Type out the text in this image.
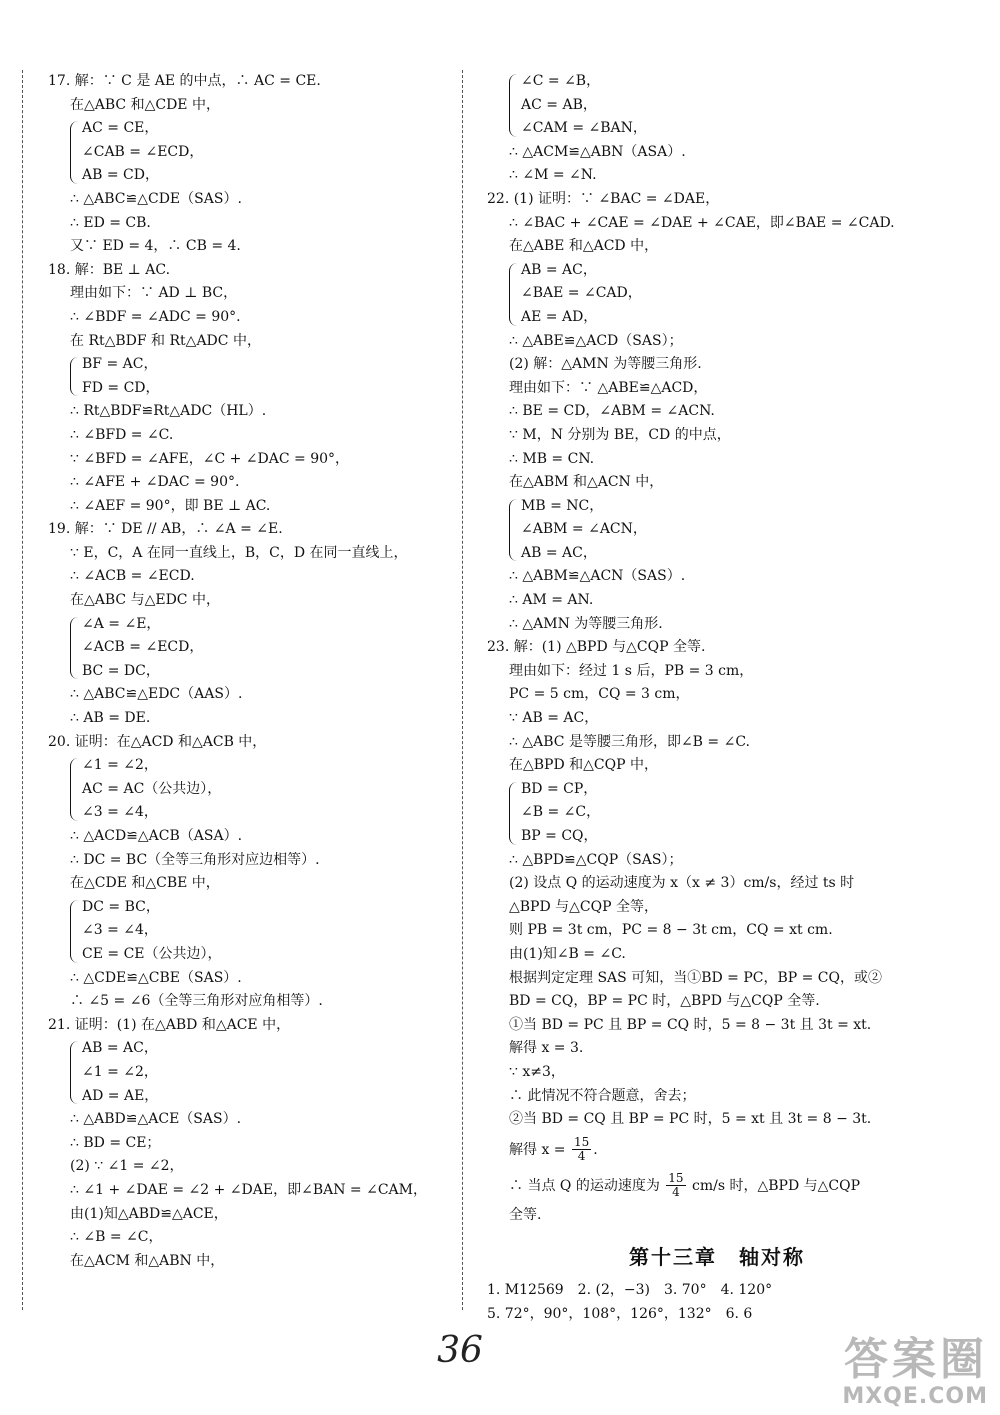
17. 解：∵ C 是 AE 的中点，∴ AC = CE.
在△ABC 和△CDE 中，
AC = CE，
∠CAB = ∠ECD，
AB = CD，
∴ △ABC≌△CDE（SAS）.
∴ ED = CB.
又∵ ED = 4，∴ CB = 4.
18. 解：BE ⊥ AC.
理由如下：∵ AD ⊥ BC，
∴ ∠BDF = ∠ADC = 90°.
在 Rt△BDF 和 Rt△ADC 中，
BF = AC，
FD = CD，
∴ Rt△BDF≌Rt△ADC（HL）.
∴ ∠BFD = ∠C.
∵ ∠BFD = ∠AFE，∠C + ∠DAC = 90°，
∴ ∠AFE + ∠DAC = 90°.
∴ ∠AEF = 90°，即 BE ⊥ AC.
19. 解：∵ DE // AB，∴ ∠A = ∠E.
∵ E，C，A 在同一直线上，B，C，D 在同一直线上，
∴ ∠ACB = ∠ECD.
在△ABC 与△EDC 中，
∠A = ∠E，
∠ACB = ∠ECD，
BC = DC，
∴ △ABC≌△EDC（AAS）.
∴ AB = DE.
20. 证明：在△ACD 和△ACB 中，
∠1 = ∠2，
AC = AC（公共边），
∠3 = ∠4，
∴ △ACD≌△ACB（ASA）.
∴ DC = BC（全等三角形对应边相等）.
在△CDE 和△CBE 中，
DC = BC，
∠3 = ∠4，
CE = CE（公共边），
∴ △CDE≌△CBE（SAS）.
∴ ∠5 = ∠6（全等三角形对应角相等）.
21. 证明：(1) 在△ABD 和△ACE 中，
AB = AC，
∠1 = ∠2，
AD = AE，
∴ △ABD≌△ACE（SAS）.
∴ BD = CE；
(2) ∵ ∠1 = ∠2，
∴ ∠1 + ∠DAE = ∠2 + ∠DAE，即∠BAN = ∠CAM，
由(1)知△ABD≌△ACE，
∴ ∠B = ∠C，
在△ACM 和△ABN 中，
∠C = ∠B，
AC = AB，
∠CAM = ∠BAN，
∴ △ACM≌△ABN（ASA）.
∴ ∠M = ∠N.
22. (1) 证明：∵ ∠BAC = ∠DAE，
∴ ∠BAC + ∠CAE = ∠DAE + ∠CAE，即∠BAE = ∠CAD.
在△ABE 和△ACD 中，
AB = AC，
∠BAE = ∠CAD，
AE = AD，
∴ △ABE≌△ACD（SAS）；
(2) 解：△AMN 为等腰三角形.
理由如下：∵ △ABE≌△ACD，
∴ BE = CD，∠ABM = ∠ACN.
∵ M，N 分别为 BE，CD 的中点，
∴ MB = CN.
在△ABM 和△ACN 中，
MB = NC，
∠ABM = ∠ACN，
AB = AC，
∴ △ABM≌△ACN（SAS）.
∴ AM = AN.
∴ △AMN 为等腰三角形.
23. 解：(1) △BPD 与△CQP 全等.
理由如下：经过 1 s 后，PB = 3 cm，
PC = 5 cm，CQ = 3 cm，
∵ AB = AC，
∴ △ABC 是等腰三角形，即∠B = ∠C.
在△BPD 和△CQP 中，
BD = CP，
∠B = ∠C，
BP = CQ，
∴ △BPD≌△CQP（SAS）；
(2) 设点 Q 的运动速度为 x（x ≠ 3）cm/s，经过 ts 时
△BPD 与△CQP 全等，
则 PB = 3t cm，PC = 8 − 3t cm，CQ = xt cm.
由(1)知∠B = ∠C.
根据判定定理 SAS 可知，当①BD = PC，BP = CQ，或②
BD = CQ，BP = PC 时，△BPD 与△CQP 全等.
①当 BD = PC 且 BP = CQ 时，5 = 8 − 3t 且 3t = xt.
解得 x = 3.
∵ x≠3，
∴ 此情况不符合题意，舍去；
②当 BD = CQ 且 BP = PC 时，5 = xt 且 3t = 8 − 3t.
解得 $x = \frac{15}{4}$ .
∴ 当点 Q 的运动速度为 $\frac{15}{4} cm/s$ 时，△BPD 与△CQP
全等.
第十三章　轴对称
1. M12569　2. (2，−3)　3. 70°　4. 120°
5. 72°，90°，108°，126°，132°　6. 6
36	答案圈
MXQE.COM
